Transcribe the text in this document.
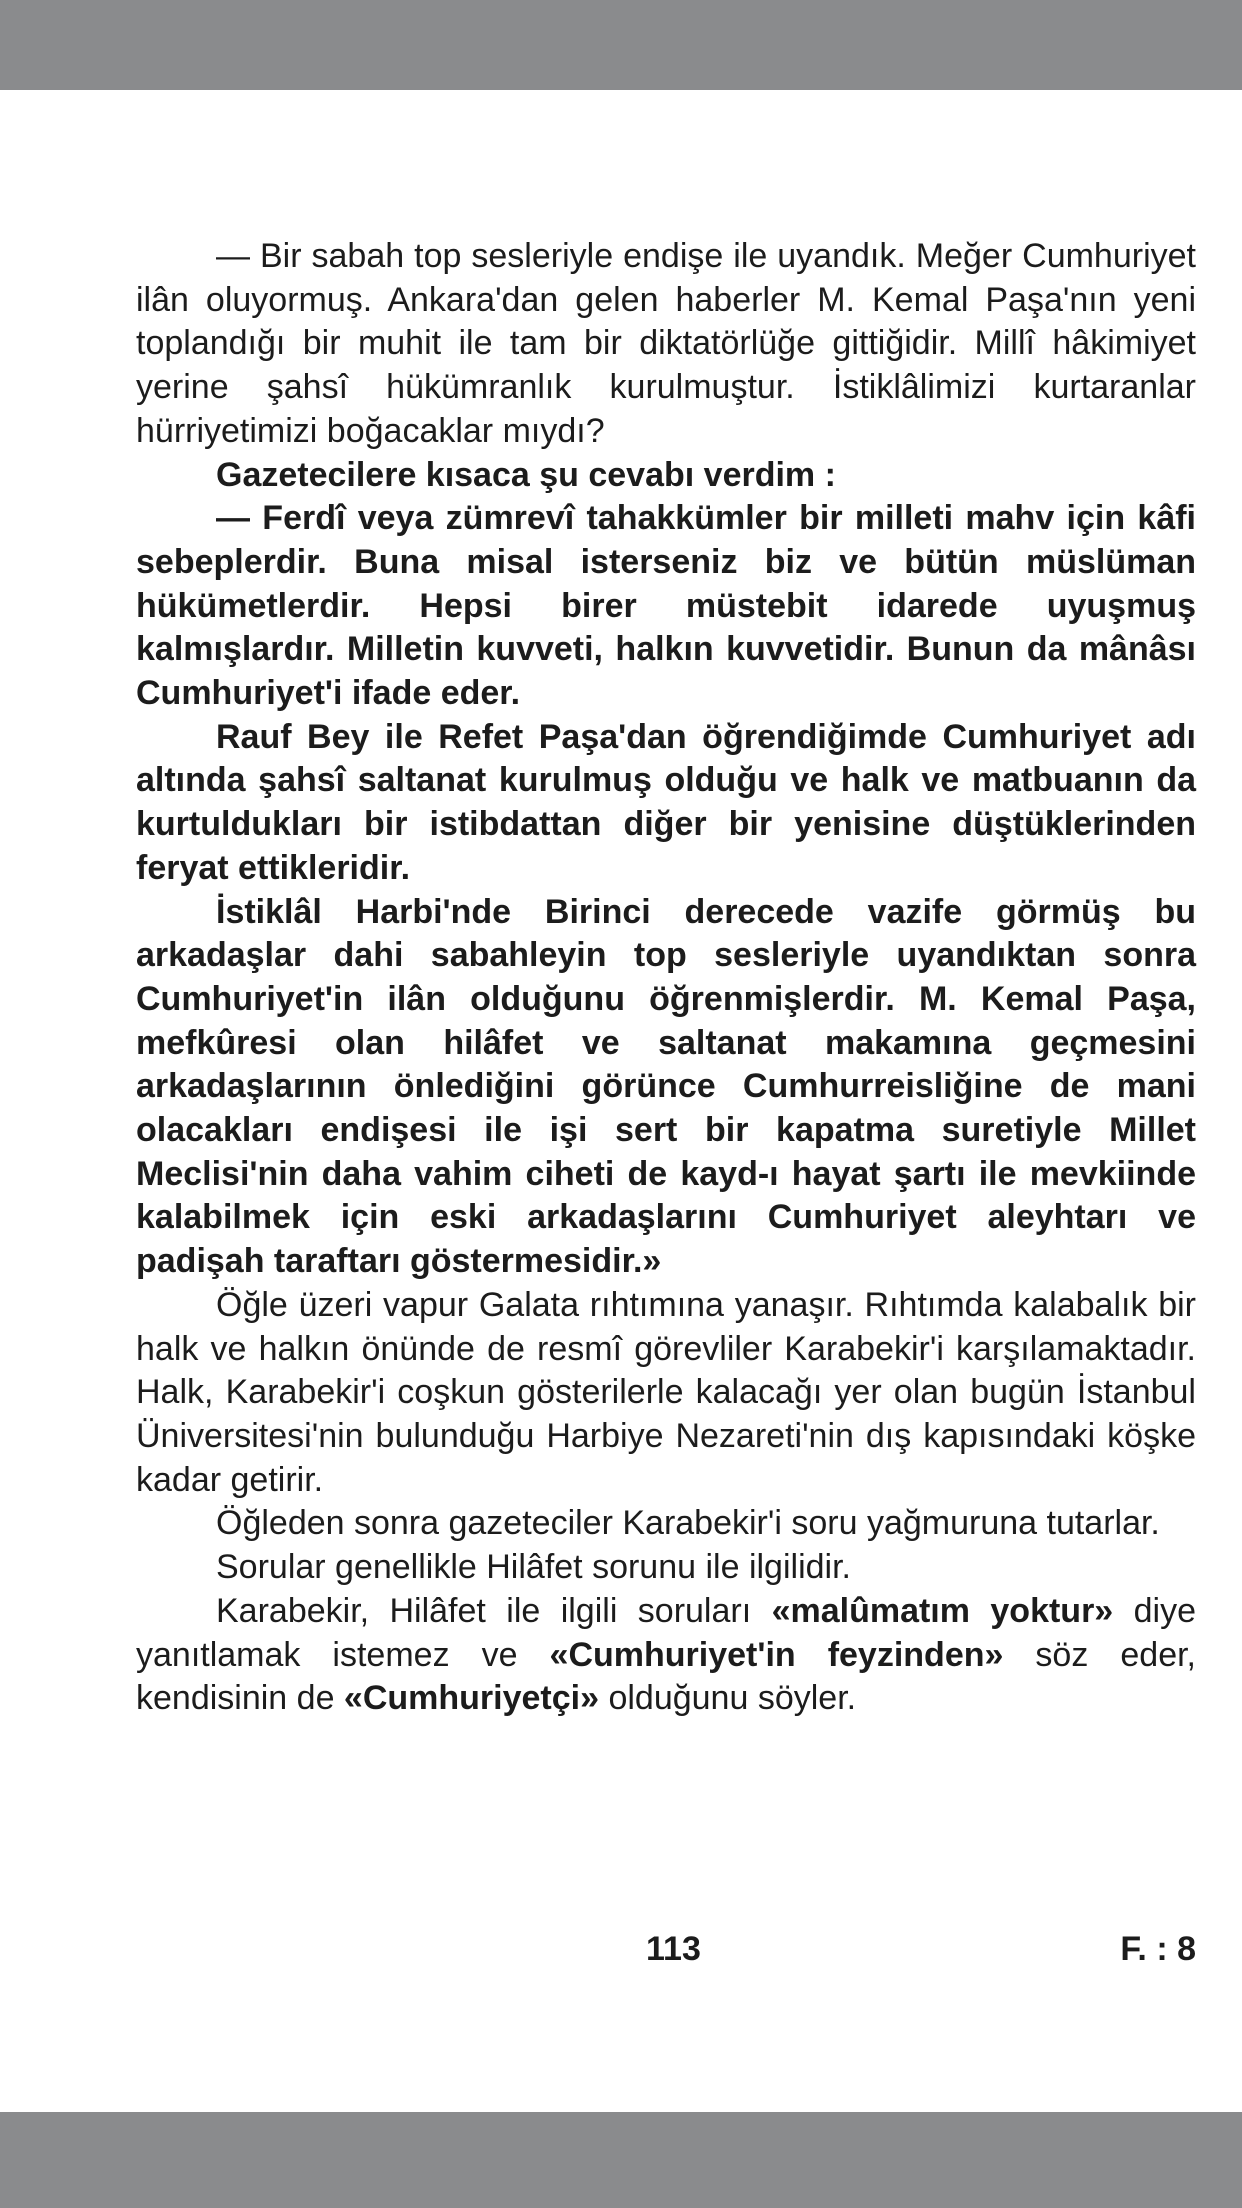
— Bir sabah top sesleriyle endişe ile uyandık. Meğer Cumhuriyet ilân oluyormuş. Ankara'dan gelen haberler M. Kemal Paşa'nın yeni toplandığı bir muhit ile tam bir diktatörlüğe gittiğidir. Millî hâkimiyet yerine şahsî hükümranlık kurulmuştur. İstiklâlimizi kurtaranlar hürriyetimizi boğacaklar mıydı?

Gazetecilere kısaca şu cevabı verdim :

— Ferdî veya zümrevî tahakkümler bir milleti mahv için kâfi sebeplerdir. Buna misal isterseniz biz ve bütün müslüman hükümetlerdir. Hepsi birer müstebit idarede uyuşmuş kalmışlardır. Milletin kuvveti, halkın kuvvetidir. Bunun da mânâsı Cumhuriyet'i ifade eder.

Rauf Bey ile Refet Paşa'dan öğrendiğimde Cumhuriyet adı altında şahsî saltanat kurulmuş olduğu ve halk ve matbuanın da kurtuldukları bir istibdattan diğer bir yenisine düştüklerinden feryat ettikleridir.

İstiklâl Harbi'nde Birinci derecede vazife görmüş bu arkadaşlar dahi sabahleyin top sesleriyle uyandıktan sonra Cumhuriyet'in ilân olduğunu öğrenmişlerdir. M. Kemal Paşa, mefkûresi olan hilâfet ve saltanat makamına geçmesini arkadaşlarının önlediğini görünce Cumhurreisliğine de mani olacakları endişesi ile işi sert bir kapatma suretiyle Millet Meclisi'nin daha vahim ciheti de kayd-ı hayat şartı ile mevkiinde kalabilmek için eski arkadaşlarını Cumhuriyet aleyhtarı ve padişah taraftarı göstermesidir.»

Öğle üzeri vapur Galata rıhtımına yanaşır. Rıhtımda kalabalık bir halk ve halkın önünde de resmî görevliler Karabekir'i karşılamaktadır. Halk, Karabekir'i coşkun gösterilerle kalacağı yer olan bugün İstanbul Üniversitesi'nin bulunduğu Harbiye Nezareti'nin dış kapısındaki köşke kadar getirir.

Öğleden sonra gazeteciler Karabekir'i soru yağmuruna tutarlar.

Sorular genellikle Hilâfet sorunu ile ilgilidir.

Karabekir, Hilâfet ile ilgili soruları «malûmatım yoktur» diye yanıtlamak istemez ve «Cumhuriyet'in feyzinden» söz eder, kendisinin de «Cumhuriyetçi» olduğunu söyler.

113	F. : 8
